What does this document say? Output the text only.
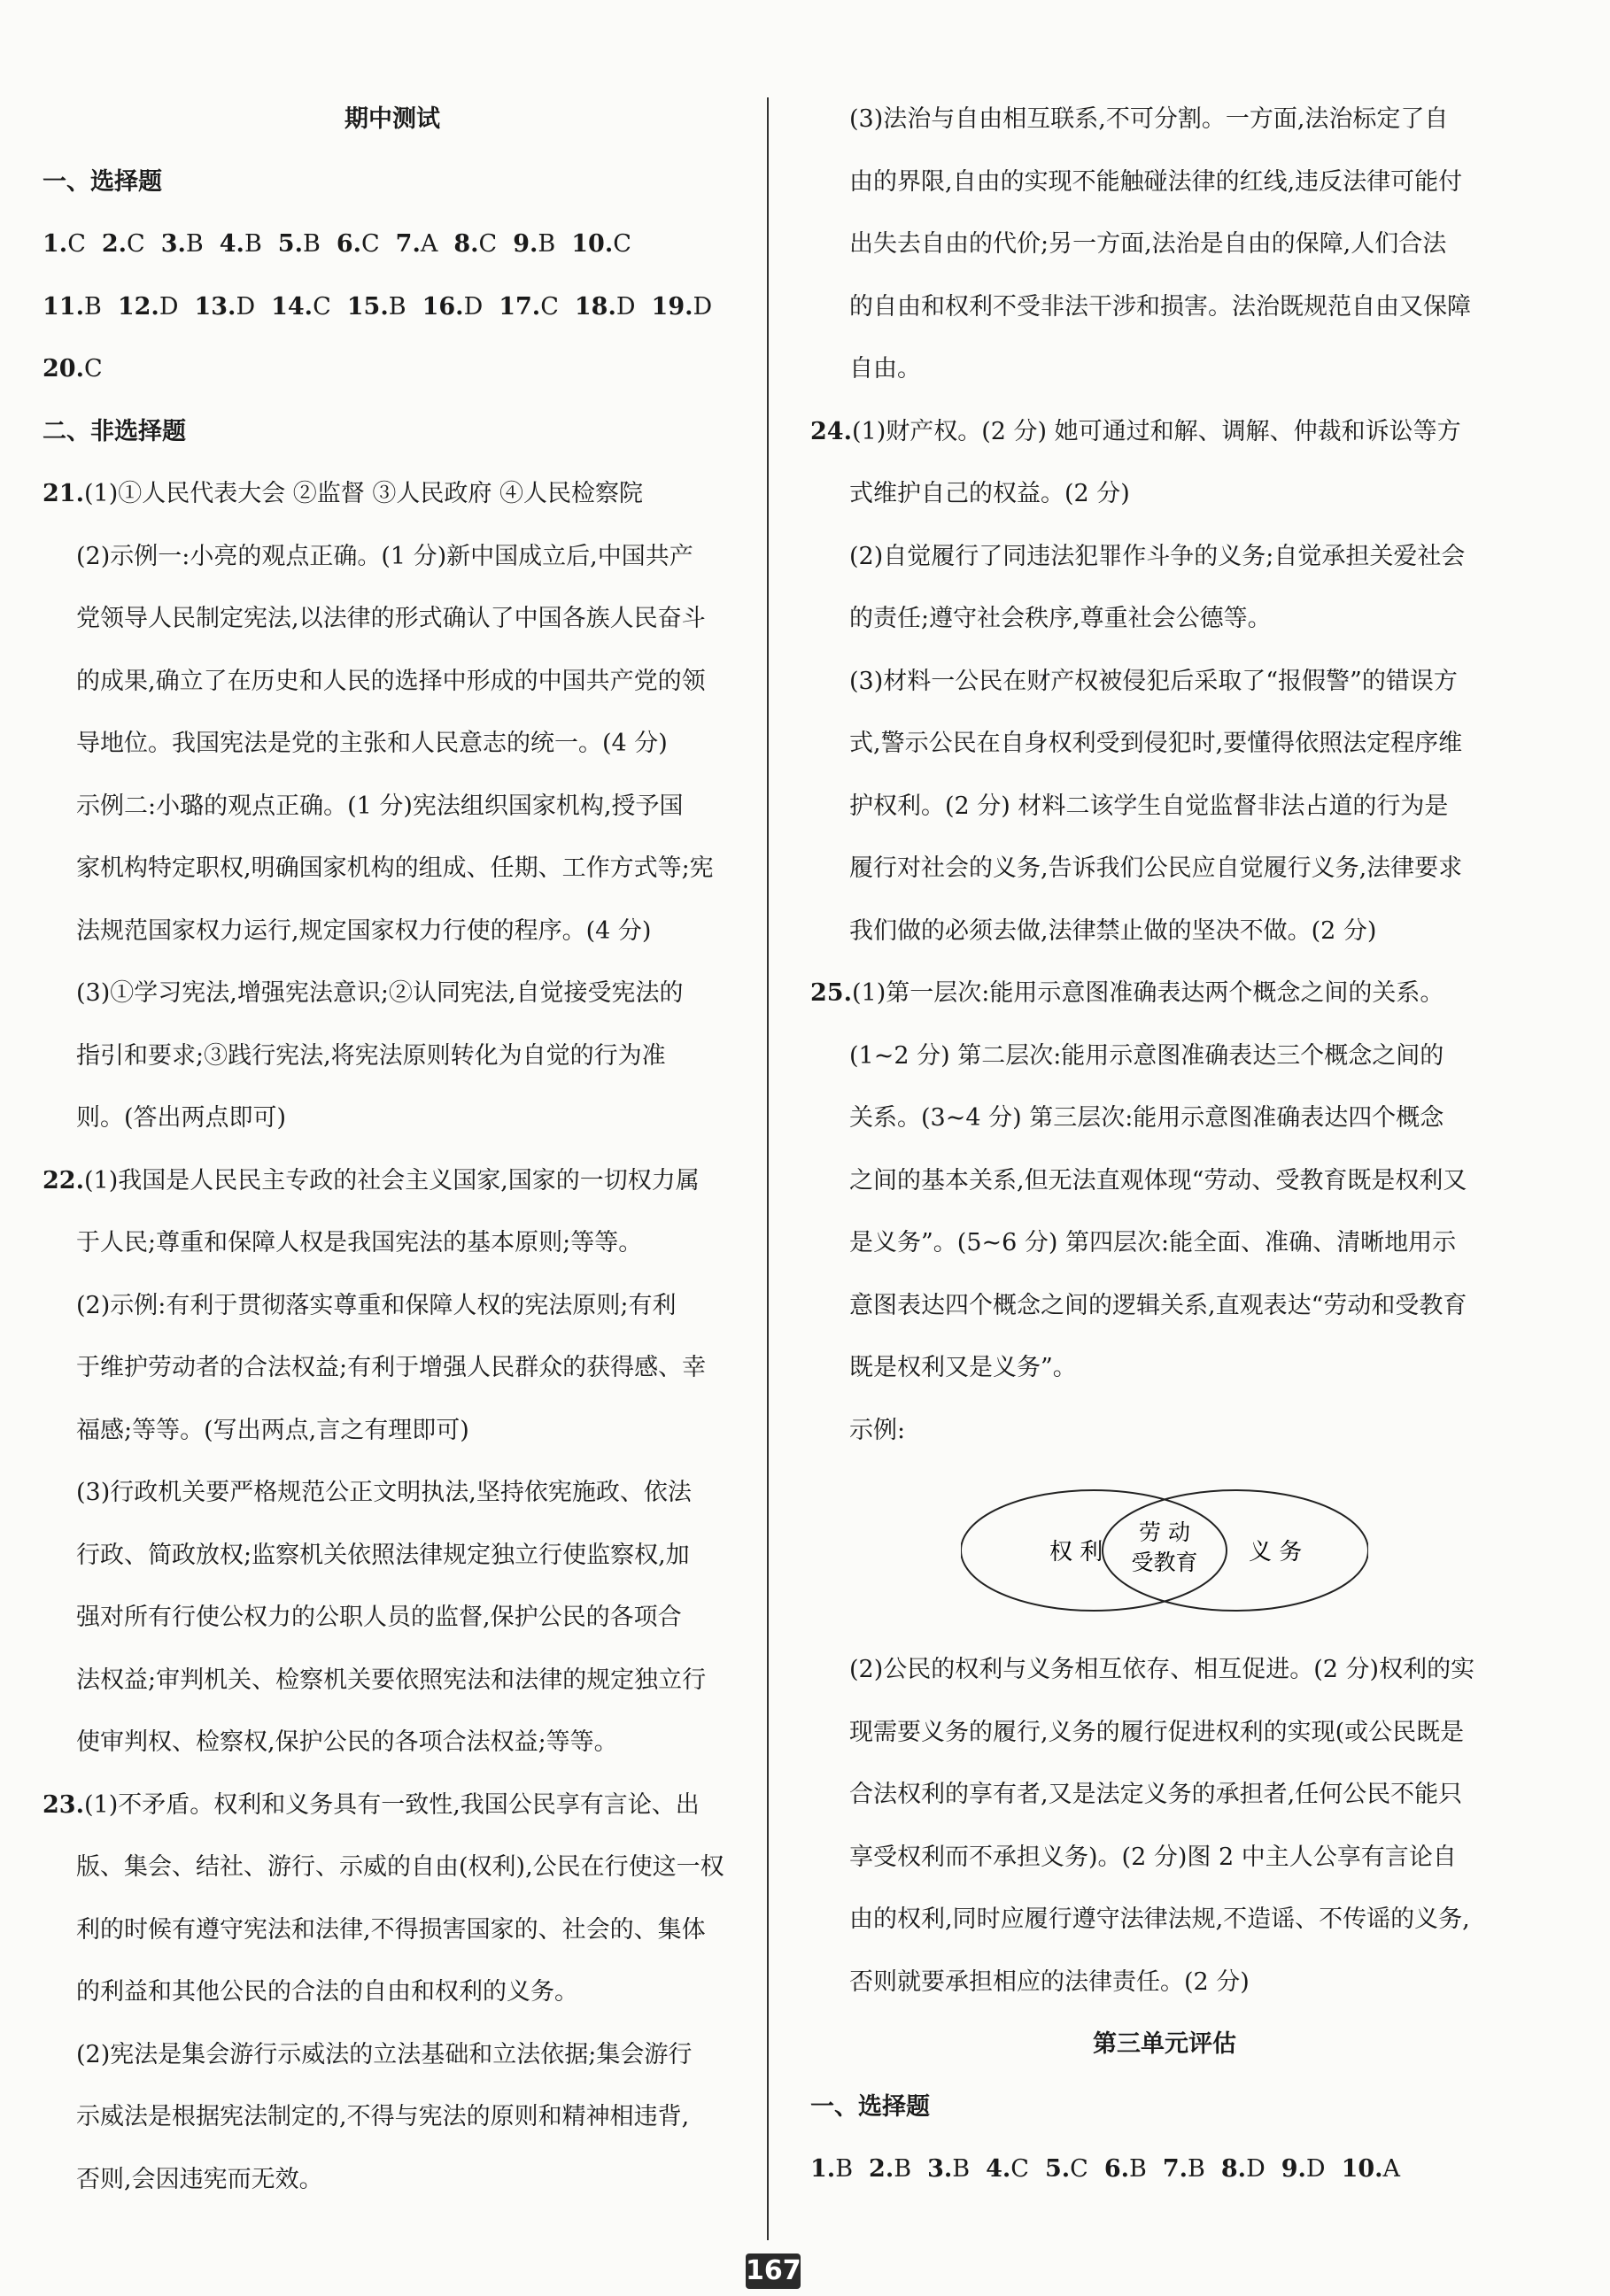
期中测试
一、选择题
1.C 2.C 3.B 4.B 5.B 6.C 7.A 8.C 9.B 10.C
11.B 12.D 13.D 14.C 15.B 16.D 17.C 18.D 19.D
20.C
二、非选择题
21.(1)①人民代表大会 ②监督 ③人民政府 ④人民检察院
(2)示例一:小亮的观点正确。(1 分)新中国成立后,中国共产
党领导人民制定宪法,以法律的形式确认了中国各族人民奋斗
的成果,确立了在历史和人民的选择中形成的中国共产党的领
导地位。我国宪法是党的主张和人民意志的统一。(4 分)
示例二:小璐的观点正确。(1 分)宪法组织国家机构,授予国
家机构特定职权,明确国家机构的组成、任期、工作方式等;宪
法规范国家权力运行,规定国家权力行使的程序。(4 分)
(3)①学习宪法,增强宪法意识;②认同宪法,自觉接受宪法的
指引和要求;③践行宪法,将宪法原则转化为自觉的行为准
则。(答出两点即可)
22.(1)我国是人民民主专政的社会主义国家,国家的一切权力属
于人民;尊重和保障人权是我国宪法的基本原则;等等。
(2)示例:有利于贯彻落实尊重和保障人权的宪法原则;有利
于维护劳动者的合法权益;有利于增强人民群众的获得感、幸
福感;等等。(写出两点,言之有理即可)
(3)行政机关要严格规范公正文明执法,坚持依宪施政、依法
行政、简政放权;监察机关依照法律规定独立行使监察权,加
强对所有行使公权力的公职人员的监督,保护公民的各项合
法权益;审判机关、检察机关要依照宪法和法律的规定独立行
使审判权、检察权,保护公民的各项合法权益;等等。
23.(1)不矛盾。权利和义务具有一致性,我国公民享有言论、出
版、集会、结社、游行、示威的自由(权利),公民在行使这一权
利的时候有遵守宪法和法律,不得损害国家的、社会的、集体
的利益和其他公民的合法的自由和权利的义务。
(2)宪法是集会游行示威法的立法基础和立法依据;集会游行
示威法是根据宪法制定的,不得与宪法的原则和精神相违背,
否则,会因违宪而无效。
(3)法治与自由相互联系,不可分割。一方面,法治标定了自
由的界限,自由的实现不能触碰法律的红线,违反法律可能付
出失去自由的代价;另一方面,法治是自由的保障,人们合法
的自由和权利不受非法干涉和损害。法治既规范自由又保障
自由。
24.(1)财产权。(2 分) 她可通过和解、调解、仲裁和诉讼等方
式维护自己的权益。(2 分)
(2)自觉履行了同违法犯罪作斗争的义务;自觉承担关爱社会
的责任;遵守社会秩序,尊重社会公德等。
(3)材料一公民在财产权被侵犯后采取了“报假警”的错误方
式,警示公民在自身权利受到侵犯时,要懂得依照法定程序维
护权利。(2 分) 材料二该学生自觉监督非法占道的行为是
履行对社会的义务,告诉我们公民应自觉履行义务,法律要求
我们做的必须去做,法律禁止做的坚决不做。(2 分)
25.(1)第一层次:能用示意图准确表达两个概念之间的关系。
(1~2 分) 第二层次:能用示意图准确表达三个概念之间的
关系。(3~4 分) 第三层次:能用示意图准确表达四个概念
之间的基本关系,但无法直观体现“劳动、受教育既是权利又
是义务”。(5~6 分) 第四层次:能全面、准确、清晰地用示
意图表达四个概念之间的逻辑关系,直观表达“劳动和受教育
既是权利又是义务”。
示例:
权 利
劳 动
受教育 义 务
(2)公民的权利与义务相互依存、相互促进。(2 分)权利的实
现需要义务的履行,义务的履行促进权利的实现(或公民既是
合法权利的享有者,又是法定义务的承担者,任何公民不能只
享受权利而不承担义务)。(2 分)图 2 中主人公享有言论自
由的权利,同时应履行遵守法律法规,不造谣、不传谣的义务,
否则就要承担相应的法律责任。(2 分)
第三单元评估
一、选择题
1.B 2.B 3.B 4.C 5.C 6.B 7.B 8.D 9.D 10.A
167
